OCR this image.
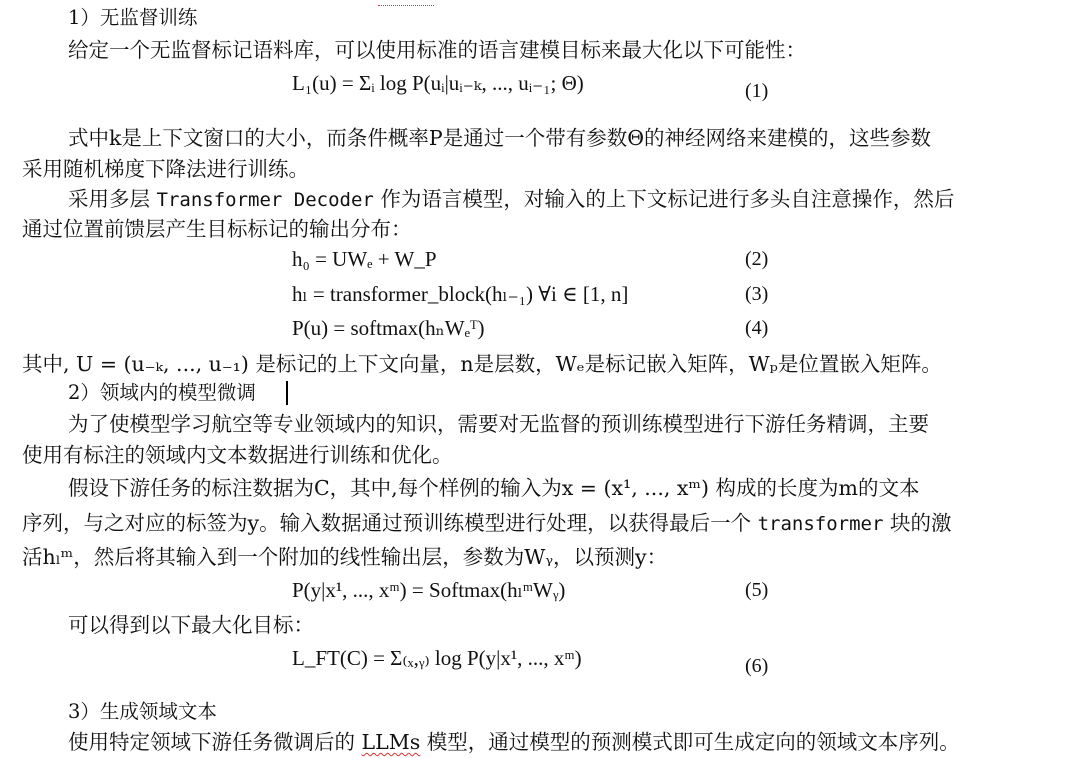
1）无监督训练
给定一个无监督标记语料库，可以使用标准的语言建模目标来最大化以下可能性：
L₁(u) = Σᵢ log P(uᵢ|uᵢ₋ₖ, ..., uᵢ₋₁; Θ)	(1)
式中k是上下文窗口的大小，而条件概率P是通过一个带有参数Θ的神经网络来建模的，这些参数
采用随机梯度下降法进行训练。
采用多层 Transformer Decoder 作为语言模型，对输入的上下文标记进行多头自注意操作，然后
通过位置前馈层产生目标标记的输出分布：
h₀ = UWₑ + W_P	(2)
hₗ = transformer_block(hₗ₋₁) ∀i ∈ [1, n]	(3)
P(u) = softmax(hₙWₑᵀ)	(4)
其中, U = (u₋ₖ, ..., u₋₁) 是标记的上下文向量，n是层数，Wₑ是标记嵌入矩阵，Wₚ是位置嵌入矩阵。
2）领域内的模型微调
为了使模型学习航空等专业领域内的知识，需要对无监督的预训练模型进行下游任务精调，主要
使用有标注的领域内文本数据进行训练和优化。
假设下游任务的标注数据为C，其中,每个样例的输入为x = (x¹, ..., xᵐ) 构成的长度为m的文本
序列，与之对应的标签为y。输入数据通过预训练模型进行处理，以获得最后一个 transformer 块的激
活hₗᵐ，然后将其输入到一个附加的线性输出层，参数为Wᵧ，以预测y：
P(y|x¹, ..., xᵐ) = Softmax(hₗᵐWᵧ)	(5)
可以得到以下最大化目标：
L_FT(C) = Σ₍ₓ,ᵧ₎ log P(y|x¹, ..., xᵐ)	(6)
3）生成领域文本
使用特定领域下游任务微调后的 LLMs 模型，通过模型的预测模式即可生成定向的领域文本序列。
